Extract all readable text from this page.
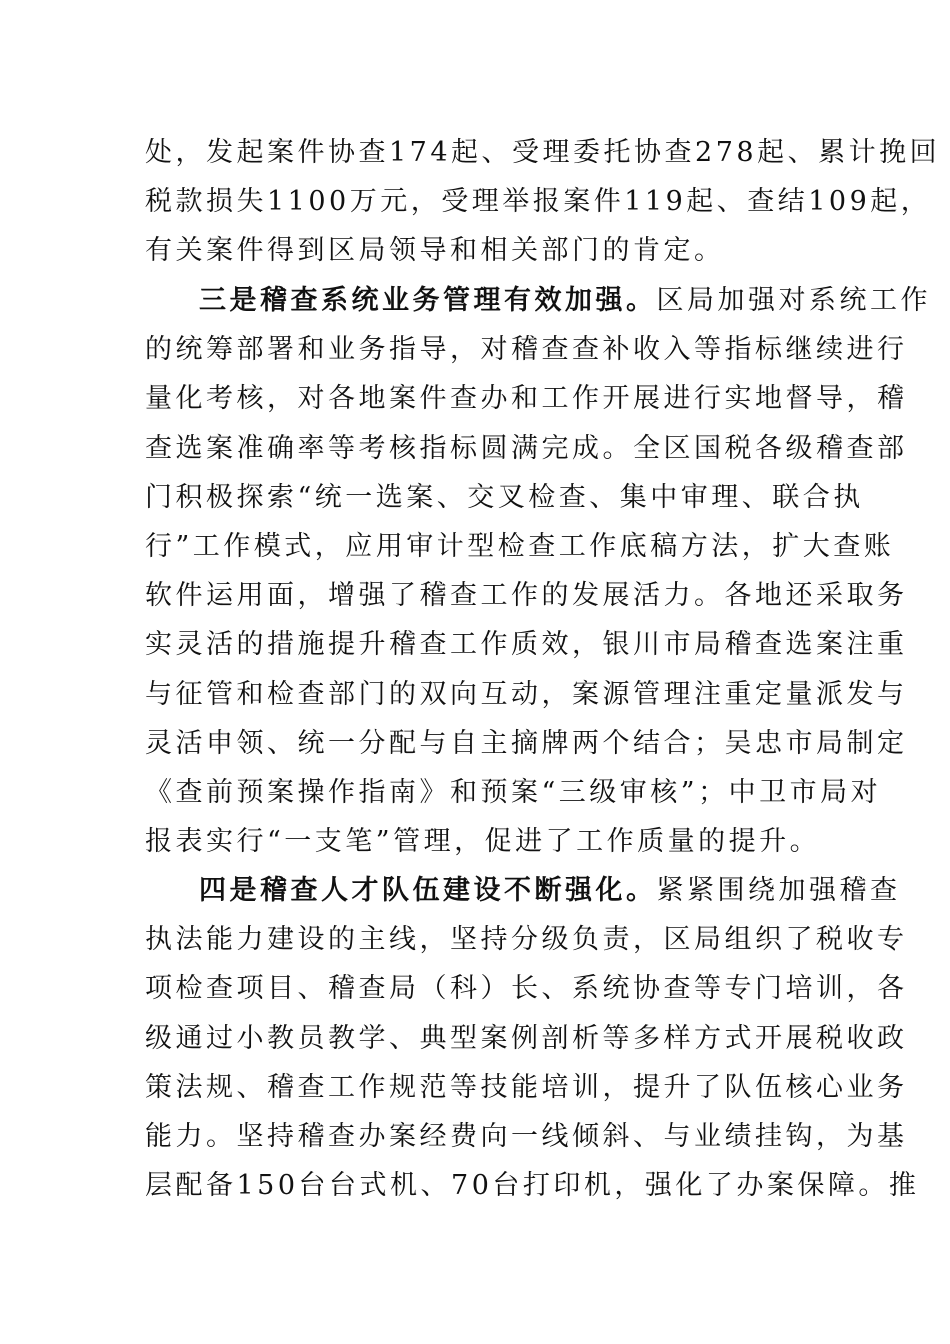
处，发起案件协查174起、受理委托协查278起、累计挽回
税款损失1100万元，受理举报案件119起、查结109起，
有关案件得到区局领导和相关部门的肯定。
三是稽查系统业务管理有效加强。区局加强对系统工作
的统筹部署和业务指导，对稽查查补收入等指标继续进行
量化考核，对各地案件查办和工作开展进行实地督导，稽
查选案准确率等考核指标圆满完成。全区国税各级稽查部
门积极探索“统一选案、交叉检查、集中审理、联合执
行”工作模式，应用审计型检查工作底稿方法，扩大查账
软件运用面，增强了稽查工作的发展活力。各地还采取务
实灵活的措施提升稽查工作质效，银川市局稽查选案注重
与征管和检查部门的双向互动，案源管理注重定量派发与
灵活申领、统一分配与自主摘牌两个结合；吴忠市局制定
《查前预案操作指南》和预案“三级审核”；中卫市局对
报表实行“一支笔”管理，促进了工作质量的提升。
四是稽查人才队伍建设不断强化。紧紧围绕加强稽查
执法能力建设的主线，坚持分级负责，区局组织了税收专
项检查项目、稽查局（科）长、系统协查等专门培训，各
级通过小教员教学、典型案例剖析等多样方式开展税收政
策法规、稽查工作规范等技能培训，提升了队伍核心业务
能力。坚持稽查办案经费向一线倾斜、与业绩挂钩，为基
层配备150台台式机、70台打印机，强化了办案保障。推
